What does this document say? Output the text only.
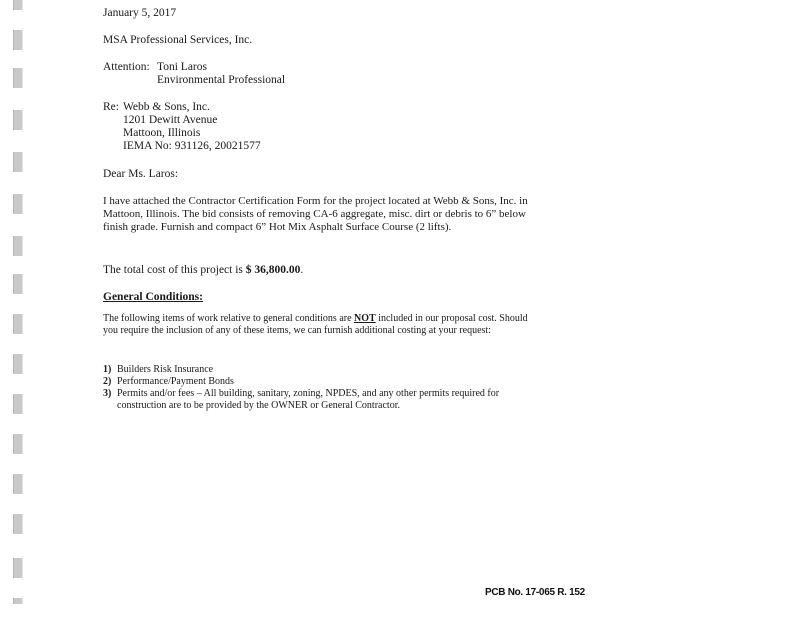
January 5, 2017
MSA Professional Services, Inc.
Attention: Toni Laros
Environmental Professional
Re: Webb & Sons, Inc.
1201 Dewitt Avenue
Mattoon, Illinois
IEMA No: 931126, 20021577
Dear Ms. Laros:
I have attached the Contractor Certification Form for the project located at Webb & Sons, Inc. in Mattoon, Illinois. The bid consists of removing CA-6 aggregate, misc. dirt or debris to 6” below finish grade. Furnish and compact 6” Hot Mix Asphalt Surface Course (2 lifts).
The total cost of this project is $ 36,800.00.
General Conditions:
The following items of work relative to general conditions are NOT included in our proposal cost. Should you require the inclusion of any of these items, we can furnish additional costing at your request:
1) Builders Risk Insurance
2) Performance/Payment Bonds
3) Permits and/or fees – All building, sanitary, zoning, NPDES, and any other permits required for construction are to be provided by the OWNER or General Contractor.
PCB No. 17-065 R. 152
